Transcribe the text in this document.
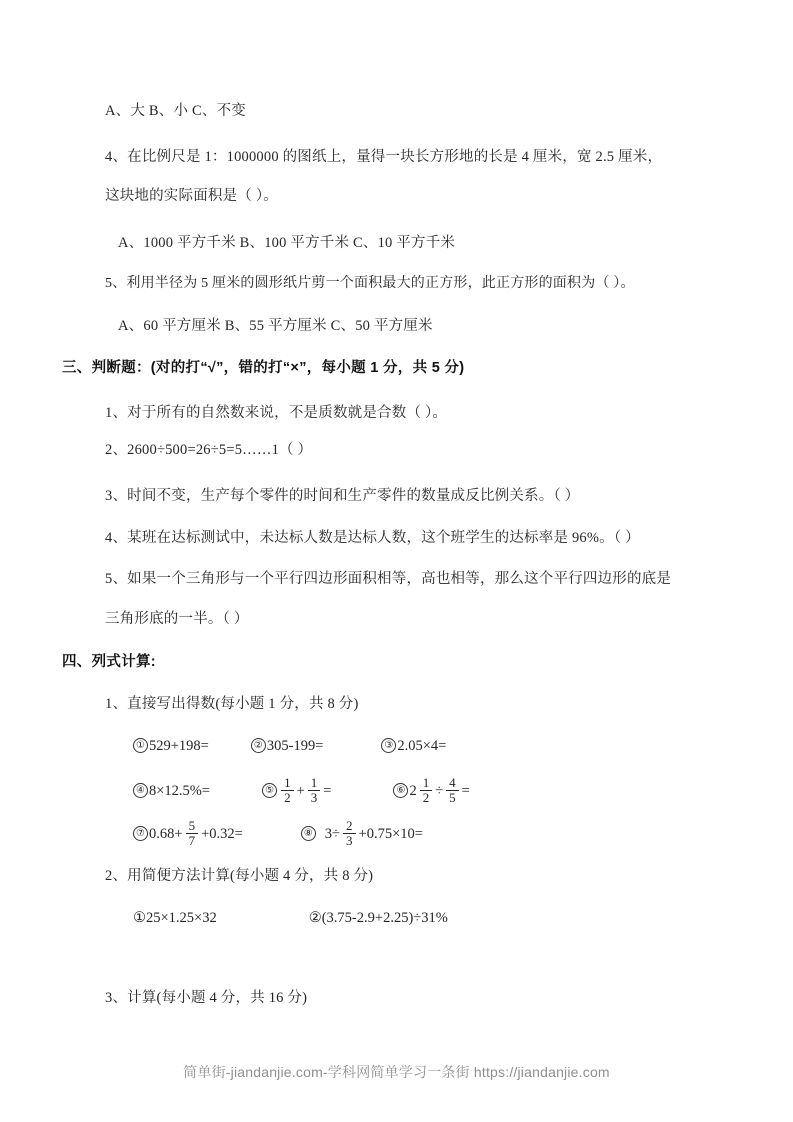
A、大 B、小 C、不变
4、在比例尺是 1：1000000 的图纸上，量得一块长方形地的长是 4 厘米，宽 2.5 厘米，
这块地的实际面积是（ ）。
A、1000 平方千米 B、100 平方千米 C、10 平方千米
5、利用半径为 5 厘米的圆形纸片剪一个面积最大的正方形，此正方形的面积为（ ）。
A、60 平方厘米 B、55 平方厘米 C、50 平方厘米
三、判断题：(对的打“√”，错的打“×”，每小题 1 分，共 5 分)
1、对于所有的自然数来说，不是质数就是合数（ ）。
2、2600÷500=26÷5=5……1（ ）
3、时间不变，生产每个零件的时间和生产零件的数量成反比例关系。（ ）
4、某班在达标测试中，未达标人数是达标人数，这个班学生的达标率是 96%。（ ）
5、如果一个三角形与一个平行四边形面积相等，高也相等，那么这个平行四边形的底是
三角形底的一半。（ ）
四、列式计算:
1、直接写出得数(每小题 1 分，共 8 分)
① 529+198=	② 305-199=	③ 2.05×4=
④ 8×12.5%=	⑤ $\frac{1}{2} + \frac{1}{3}$ =	⑥ $2 \frac{1}{2} \div \frac{4}{5}$ =
⑦ $0.68+ \frac{5}{7} +0.32=$	⑧ $3\div \frac{2}{3} +0.75\times 10=$
2、用简便方法计算(每小题 4 分，共 8 分)
①25×1.25×32	②(3.75-2.9+2.25)÷31%
3、计算(每小题 4 分，共 16 分)
简单街-jiandanjie.com-学科网简单学习一条街 https://jiandanjie.com
